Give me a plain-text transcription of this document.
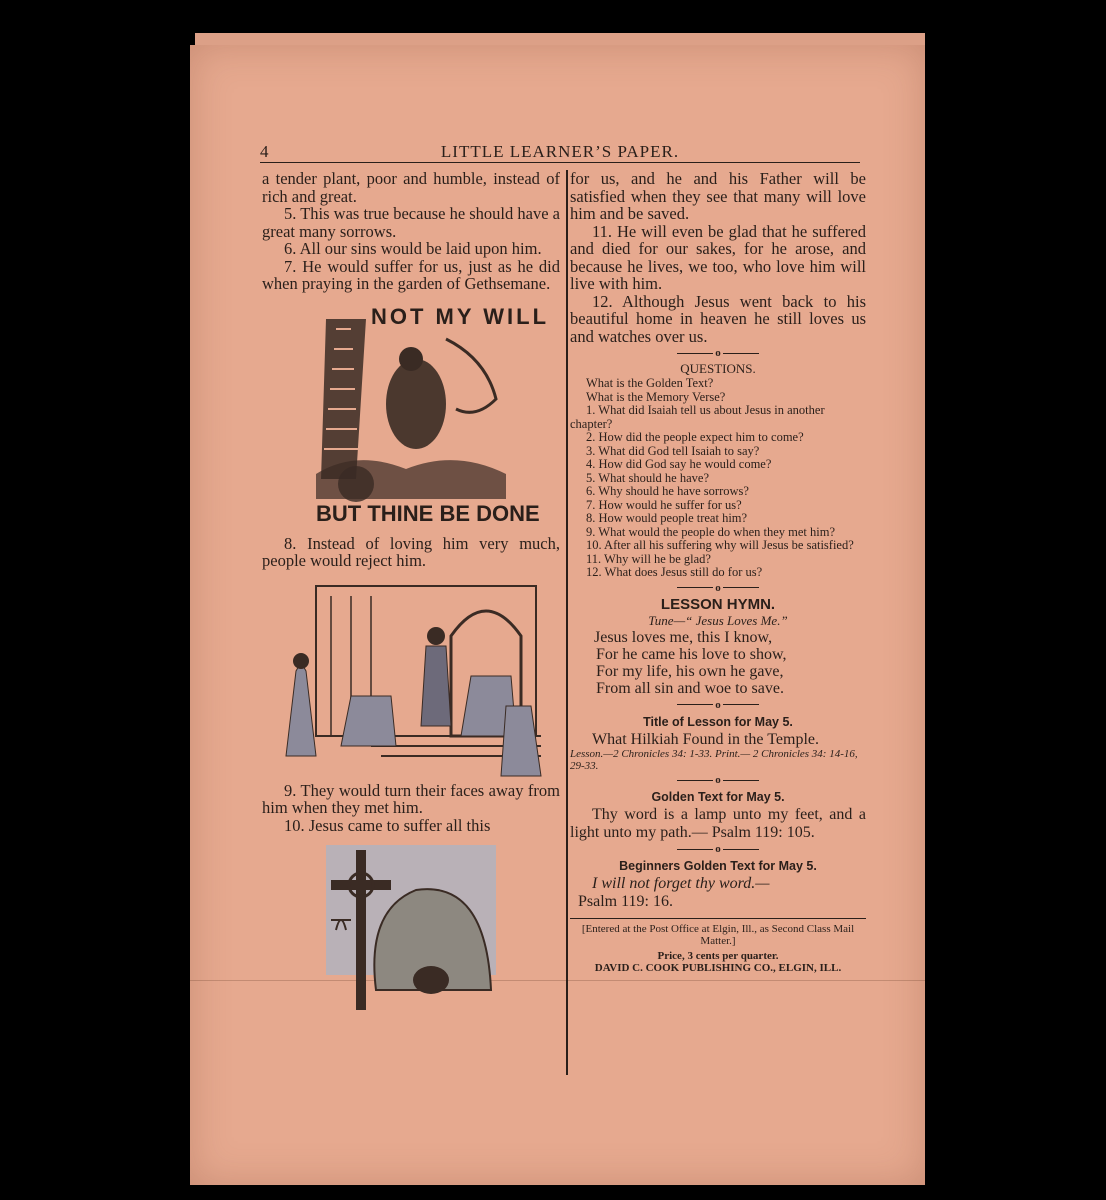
4	LITTLE LEARNER’S PAPER.

a tender plant, poor and humble, instead of rich and great.

5. This was true because he should have a great many sorrows.

6. All our sins would be laid upon him.

7. He would suffer for us, just as he did when praying in the garden of Gethsemane.

NOT MY WILL
BUT THINE BE DONE

8. Instead of loving him very much, people would reject him.

9. They would turn their faces away from him when they met him.

10. Jesus came to suffer all this

for us, and he and his Father will be satisfied when they see that many will love him and be saved.

11. He will even be glad that he suffered and died for our sakes, for he arose, and because he lives, we too, who love him will live with him.

12. Although Jesus went back to his beautiful home in heaven he still loves us and watches over us.

o

QUESTIONS.

What is the Golden Text?

What is the Memory Verse?

1. What did Isaiah tell us about Jesus in another chapter?

2. How did the people expect him to come?

3. What did God tell Isaiah to say?

4. How did God say he would come?

5. What should he have?

6. Why should he have sorrows?

7. How would he suffer for us?

8. How would people treat him?

9. What would the people do when they met him?

10. After all his suffering why will Jesus be satisfied?

11. Why will he be glad?

12. What does Jesus still do for us?

o

LESSON HYMN.

Tune—“ Jesus Loves Me.”

Jesus loves me, this I know,

For he came his love to show,

For my life, his own he gave,

From all sin and woe to save.

o

Title of Lesson for May 5.

What Hilkiah Found in the Temple.

Lesson.—2 Chronicles 34: 1-33. Print.— 2 Chronicles 34: 14-16, 29-33.

o

Golden Text for May 5.

Thy word is a lamp unto my feet, and a light unto my path.— Psalm 119: 105.

o

Beginners Golden Text for May 5.

I will not forget thy word.—

Psalm 119: 16.

[Entered at the Post Office at Elgin, Ill., as Second Class Mail Matter.]

Price, 3 cents per quarter.

DAVID C. COOK PUBLISHING CO., ELGIN, ILL.
